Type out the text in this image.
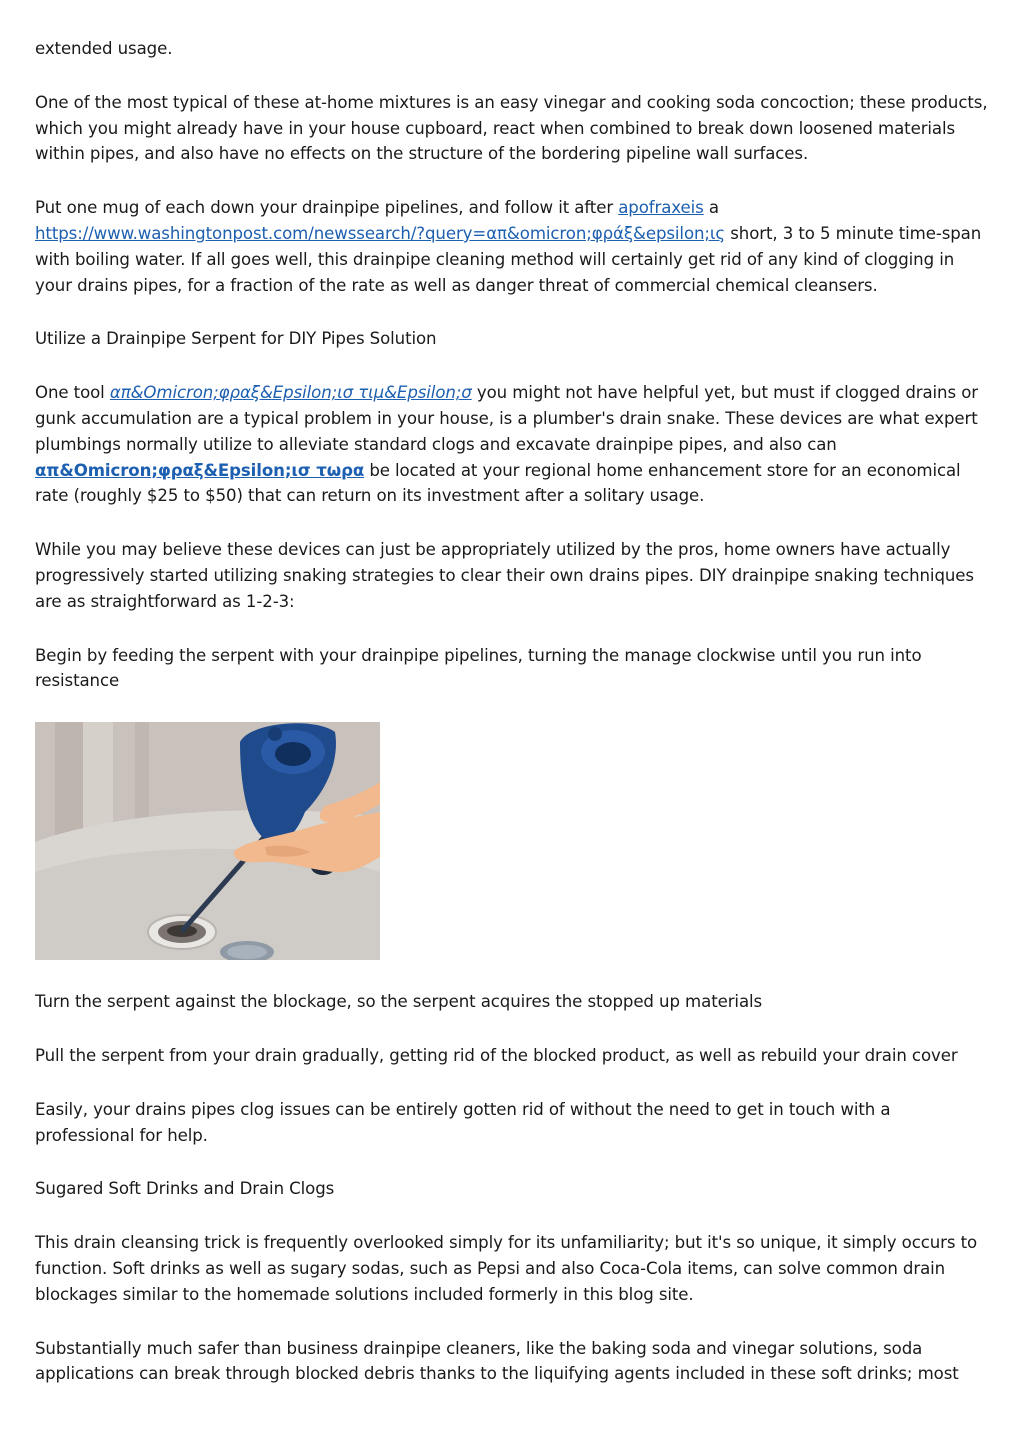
extended usage.

One of the most typical of these at-home mixtures is an easy vinegar and cooking soda concoction; these products, which you might already have in your house cupboard, react when combined to break down loosened materials within pipes, and also have no effects on the structure of the bordering pipeline wall surfaces.

Put one mug of each down your drainpipe pipelines, and follow it after apofraxeis a https://www.washingtonpost.com/newssearch/?query=απ&omicron;φράξ&epsilon;ις short, 3 to 5 minute time-span with boiling water. If all goes well, this drainpipe cleaning method will certainly get rid of any kind of clogging in your drains pipes, for a fraction of the rate as well as danger threat of commercial chemical cleansers.

Utilize a Drainpipe Serpent for DIY Pipes Solution

One tool απ&Omicron;φραξ&Epsilon;ισ τιμ&Epsilon;σ you might not have helpful yet, but must if clogged drains or gunk accumulation are a typical problem in your house, is a plumber's drain snake. These devices are what expert plumbings normally utilize to alleviate standard clogs and excavate drainpipe pipes, and also can απ&Omicron;φραξ&Epsilon;ισ τωρα be located at your regional home enhancement store for an economical rate (roughly $25 to $50) that can return on its investment after a solitary usage.

While you may believe these devices can just be appropriately utilized by the pros, home owners have actually progressively started utilizing snaking strategies to clear their own drains pipes. DIY drainpipe snaking techniques are as straightforward as 1-2-3:

Begin by feeding the serpent with your drainpipe pipelines, turning the manage clockwise until you run into resistance

Turn the serpent against the blockage, so the serpent acquires the stopped up materials

Pull the serpent from your drain gradually, getting rid of the blocked product, as well as rebuild your drain cover

Easily, your drains pipes clog issues can be entirely gotten rid of without the need to get in touch with a professional for help.

Sugared Soft Drinks and Drain Clogs

This drain cleansing trick is frequently overlooked simply for its unfamiliarity; but it's so unique, it simply occurs to function. Soft drinks as well as sugary sodas, such as Pepsi and also Coca-Cola items, can solve common drain blockages similar to the homemade solutions included formerly in this blog site.

Substantially much safer than business drainpipe cleaners, like the baking soda and vinegar solutions, soda applications can break through blocked debris thanks to the liquifying agents included in these soft drinks; most
